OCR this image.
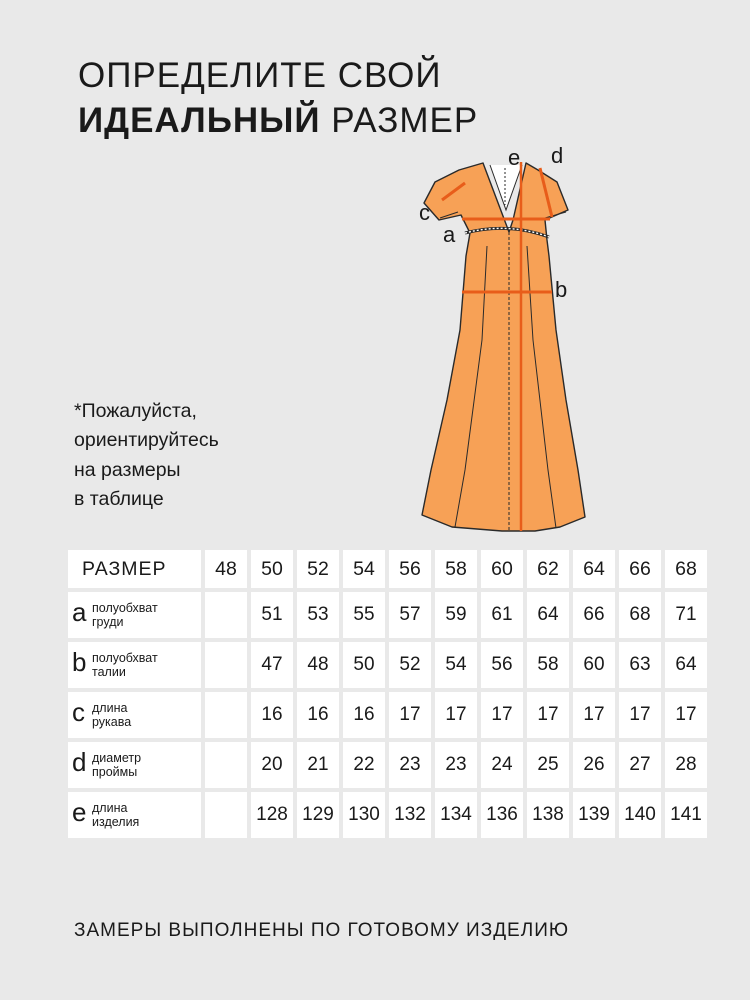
ОПРЕДЕЛИТЕ СВОЙ
ИДЕАЛЬНЫЙ РАЗМЕР
*Пожалуйста,
ориентируйтесь
на размеры
в таблице
e d
c
a
b
РАЗМЕР	48	50	52	54	56	58	60	62	64	66	68

a полуобхват
груди		51	53	55	57	59	61	64	66	68	71

b полуобхват
талии		47	48	50	52	54	56	58	60	63	64

c длина
рукава		16	16	16	17	17	17	17	17	17	17

d диаметр
проймы		20	21	22	23	23	24	25	26	27	28

e длина
изделия		128	129	130	132	134	136	138	139	140	141
ЗАМЕРЫ ВЫПОЛНЕНЫ ПО ГОТОВОМУ ИЗДЕЛИЮ
